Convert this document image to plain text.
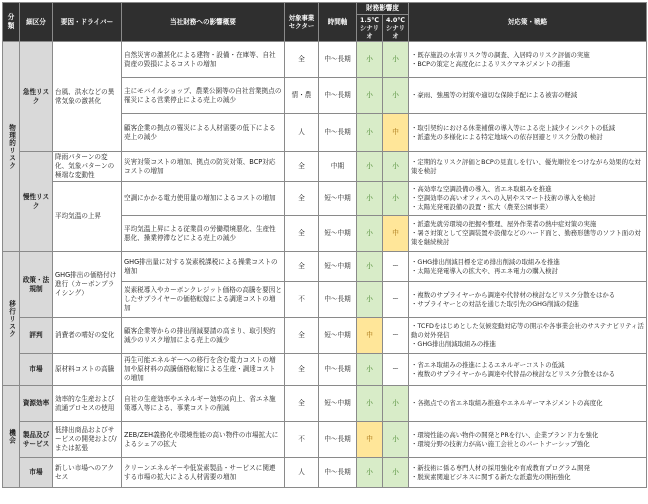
分類	細区分	要因・ドライバー	当社財務への影響概要	対象事業セクター	時間軸	財務影響度		対応策・戦略
						1.5℃シナリオ	4.0℃シナリオ	
物理的リスク	急性リスク	台風、洪水などの異常気象の激甚化	自然災害の激甚化による建物・設備・在庫等、自社資産の毀損によるコストの増加	全	中～長期	小	小	・既存施設の水害リスク等の調査、入居時のリスク評価の実施
・BCPの策定と高度化によるリスクマネジメントの推進

			主にモバイルショップ、農業公園等の自社営業拠点の罹災による営業停止による売上の減少	情・農	中～長期	小	小	・豪雨、強風等の対策や適切な保険手配による被害の軽減

			顧客企業の拠点の罹災による人材需要の低下による売上の減少	人	中～長期	小	中	・取引契約における休業補償の導入等による売上減少インパクトの低減
・派遣先の多様化による特定地域への依存回避とリスク分散の検討

	慢性リスク	降雨パターンの変化、気象パターンの極端な変動性	災害対策コストの増加、拠点の防災対策、BCP対応コストの増加	全	中期	小	小	・定期的なリスク評価とBCPの見直しを行い、優先順位をつけながら効果的な対策を検討

		平均気温の上昇	空調にかかる電力使用量の増加によるコストの増加	全	短～中期	小	小	・高効率な空調設備の導入、省エネ取組みを推進
・空調効率の高いオフィスへの入居やスマート技術の導入を検討
・太陽光発電設備の設置・拡大（農業公園事業）

			平均気温上昇による従業員の労働環境悪化、生産性悪化、操業停滞などによる売上の減少	全	短～中期	小	中	・派遣先就労環境の把握や整理、屋外作業者の熱中症対策の実施
・暑さ対策として空調装置や設備などのハード面と、勤務形態等のソフト面の対策を継続検討

移行リスク	政策・法規制	GHG排出の価格付け進行（カーボンプライシング）	GHG排出量に対する炭素税課税による操業コストの増加	全	短～中期	小	ー	・GHG排出削減目標を定め排出削減の取組みを推進
・太陽光発電導入の拡大や、再エネ電力の購入検討

			炭素税導入やカーボンクレジット価格の高騰を要因としたサプライヤーの価格転嫁による調達コストの増加	不	中～長期	小	ー	・複数のサプライヤーから調達や代替材の検討などリスク分散をはかる
・サプライヤーとの対話を通じた取引先のGHG削減の促進

	評判	消費者の嗜好の変化	顧客企業等からの排出削減要請の高まり、取引契約減少のリスク増加による売上の減少	全	短～中期	中	ー	・TCFDをはじめとした気候変動対応等の開示や各事業会社のサステナビリティ活動の対外発信
・GHG排出削減取組みの推進

	市場	原材料コストの高騰	再生可能エネルギーへの移行を含む電力コストの増加や原材料の高騰価格転嫁による生産・調達コストの増加	全	中～長期	小	ー	・省エネ取組みの推進によるエネルギーコストの低減
・複数のサプライヤーから調達や代替品の検討などリスク分散をはかる

機会	資源効率	効率的な生産および流通プロセスの使用	自社の生産効率やエネルギー効率の向上、省エネ施策導入等による、事業コストの削減	全	短～中期	小	小	・各拠点での省エネ取組み推進やエネルギーマネジメントの高度化

	製品及びサービス	低排出商品およびサービスの開発および/または拡張	ZEB/ZEH義務化や環境性能の高い物件の市場拡大によるシェアの拡大	不	中～長期	中	小	・環境性能の高い物件の開発とPRを行い、企業ブランド力を強化
・環境分野の技術力が高い施工会社とのパートナーシップ強化

	市場	新しい市場へのアクセス	クリーンエネルギーや低炭素製品・サービスに関連する市場の拡大による人材需要の増加	人	中～長期	小	小	・新技術に係る専門人材の採用強化や育成教育プログラム開発
・脱炭素関連ビジネスに関する新たな派遣先の開拓強化
